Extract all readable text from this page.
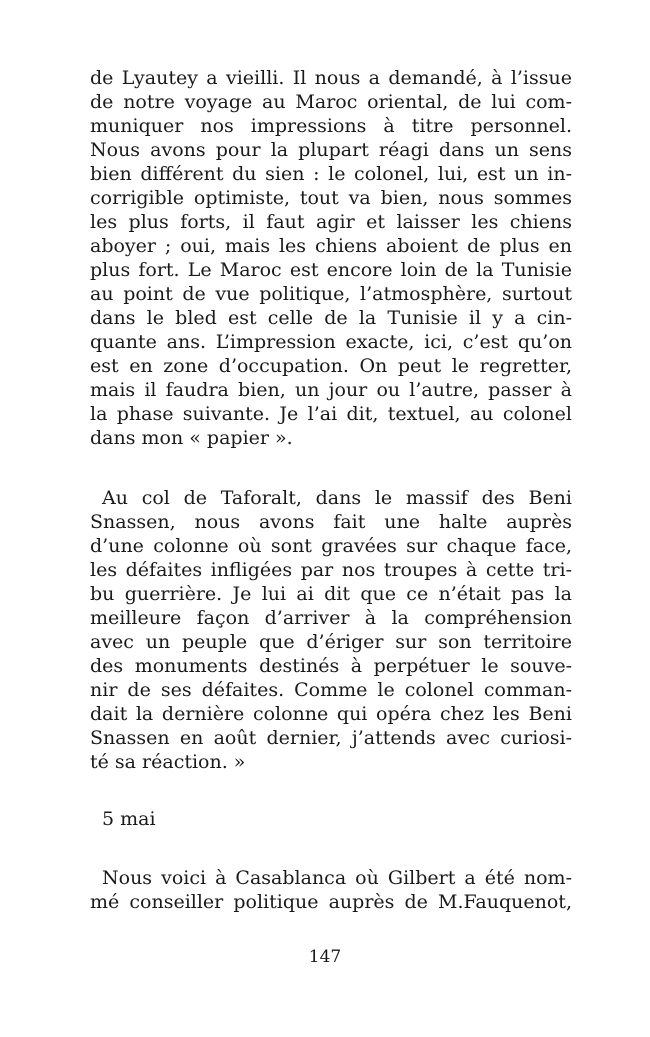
de Lyautey a vieilli. Il nous a demandé, à l’issue
de notre voyage au Maroc oriental, de lui com-
muniquer nos impressions à titre personnel.
Nous avons pour la plupart réagi dans un sens
bien différent du sien : le colonel, lui, est un in-
corrigible optimiste, tout va bien, nous sommes
les plus forts, il faut agir et laisser les chiens
aboyer ; oui, mais les chiens aboient de plus en
plus fort. Le Maroc est encore loin de la Tunisie
au point de vue politique, l’atmosphère, surtout
dans le bled est celle de la Tunisie il y a cin-
quante ans. L’impression exacte, ici, c’est qu’on
est en zone d’occupation. On peut le regretter,
mais il faudra bien, un jour ou l’autre, passer à
la phase suivante. Je l’ai dit, textuel, au colonel
dans mon « papier ».
Au col de Taforalt, dans le massif des Beni
Snassen, nous avons fait une halte auprès
d’une colonne où sont gravées sur chaque face,
les défaites infligées par nos troupes à cette tri-
bu guerrière. Je lui ai dit que ce n’était pas la
meilleure façon d’arriver à la compréhension
avec un peuple que d’ériger sur son territoire
des monuments destinés à perpétuer le souve-
nir de ses défaites. Comme le colonel comman-
dait la dernière colonne qui opéra chez les Beni
Snassen en août dernier, j’attends avec curiosi-
té sa réaction. »

5 mai

Nous voici à Casablanca où Gilbert a été nom-
mé conseiller politique auprès de M.Fauquenot,

147
